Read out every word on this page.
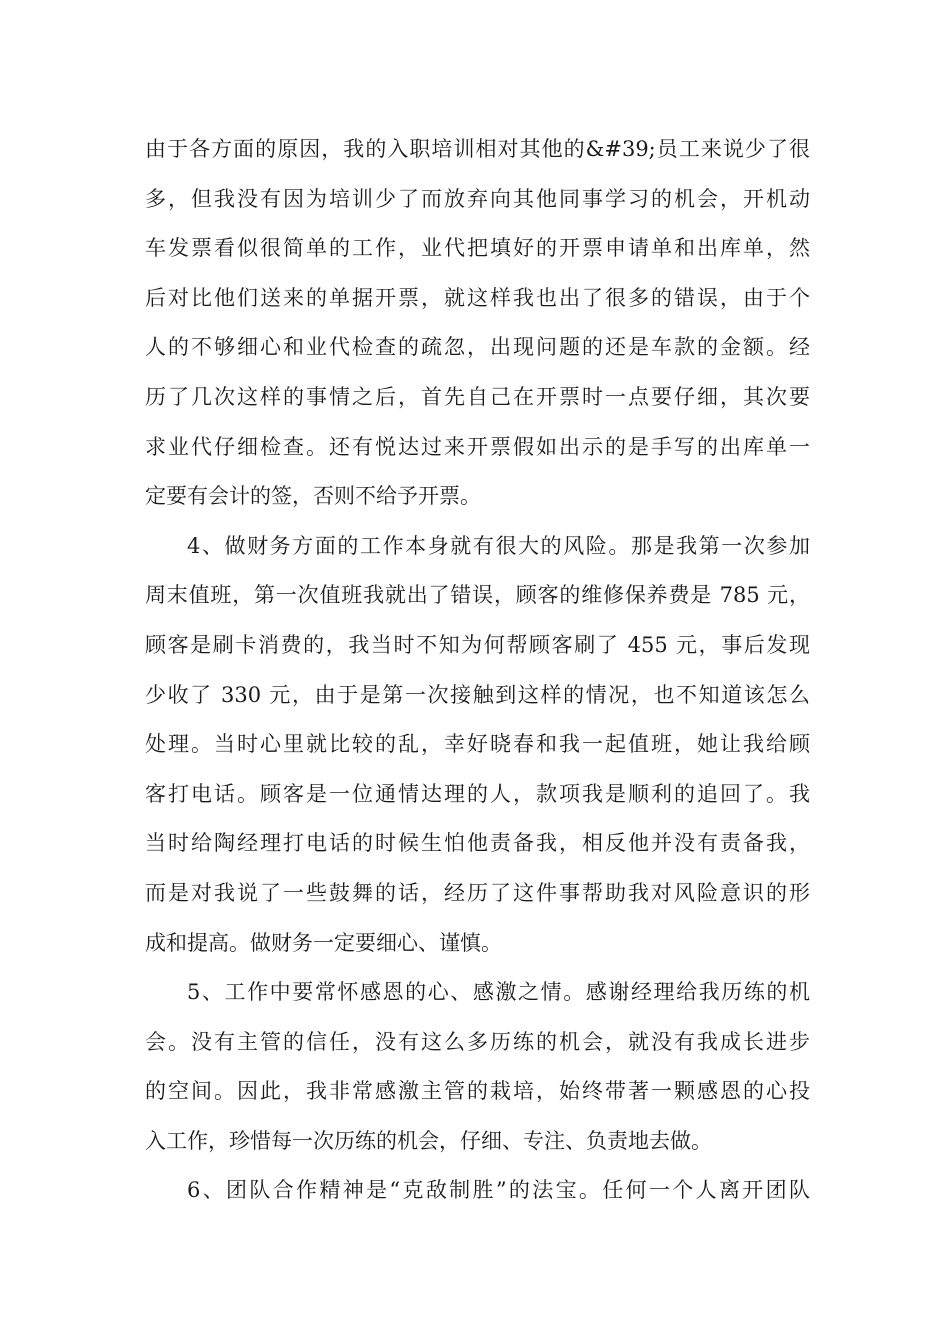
由于各方面的原因，我的入职培训相对其他的&#39;员工来说少了很
多，但我没有因为培训少了而放弃向其他同事学习的机会，开机动
车发票看似很简单的工作，业代把填好的开票申请单和出库单，然
后对比他们送来的单据开票，就这样我也出了很多的错误，由于个
人的不够细心和业代检查的疏忽，出现问题的还是车款的金额。经
历了几次这样的事情之后，首先自己在开票时一点要仔细，其次要
求业代仔细检查。还有悦达过来开票假如出示的是手写的出库单一
定要有会计的签，否则不给予开票。
4、做财务方面的工作本身就有很大的风险。那是我第一次参加
周末值班，第一次值班我就出了错误，顾客的维修保养费是 785 元，
顾客是刷卡消费的，我当时不知为何帮顾客刷了 455 元，事后发现
少收了 330 元，由于是第一次接触到这样的情况，也不知道该怎么
处理。当时心里就比较的乱，幸好晓春和我一起值班，她让我给顾
客打电话。顾客是一位通情达理的人，款项我是顺利的追回了。我
当时给陶经理打电话的时候生怕他责备我，相反他并没有责备我，
而是对我说了一些鼓舞的话，经历了这件事帮助我对风险意识的形
成和提高。做财务一定要细心、谨慎。
5、工作中要常怀感恩的心、感激之情。感谢经理给我历练的机
会。没有主管的信任，没有这么多历练的机会，就没有我成长进步
的空间。因此，我非常感激主管的栽培，始终带著一颗感恩的心投
入工作，珍惜每一次历练的机会，仔细、专注、负责地去做。
6、团队合作精神是“克敌制胜”的法宝。任何一个人离开团队
